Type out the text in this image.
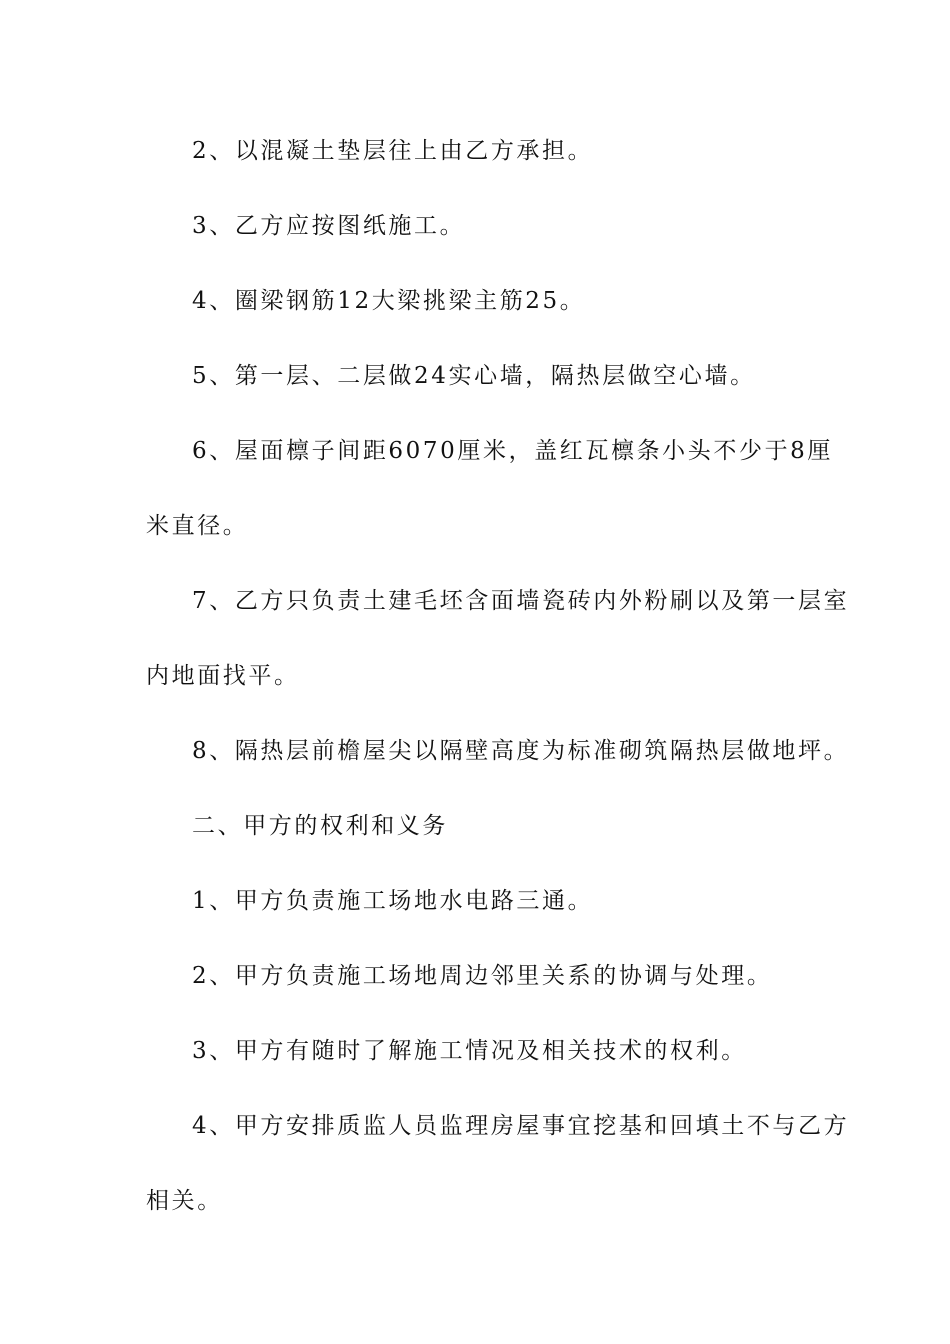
2、以混凝土垫层往上由乙方承担。

3、乙方应按图纸施工。

4、圈梁钢筋12大梁挑梁主筋25。

5、第一层、二层做24实心墙，隔热层做空心墙。

6、屋面檩子间距6070厘米，盖红瓦檩条小头不少于8厘

米直径。

7、乙方只负责土建毛坯含面墙瓷砖内外粉刷以及第一层室

内地面找平。

8、隔热层前檐屋尖以隔壁高度为标准砌筑隔热层做地坪。

二、甲方的权利和义务

1、甲方负责施工场地水电路三通。

2、甲方负责施工场地周边邻里关系的协调与处理。

3、甲方有随时了解施工情况及相关技术的权利。

4、甲方安排质监人员监理房屋事宜挖基和回填土不与乙方

相关。
